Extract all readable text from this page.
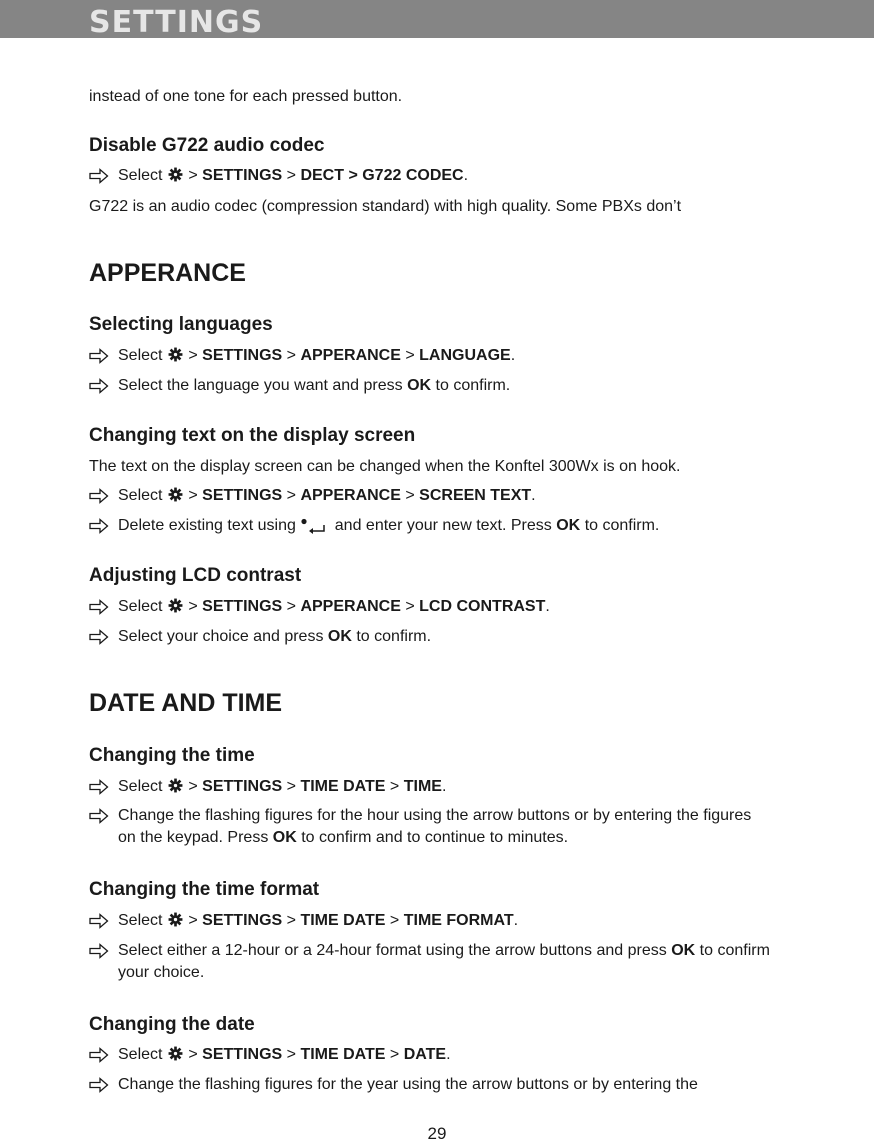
SETTINGS
instead of one tone for each pressed button.
Disable G722 audio codec
Select > SETTINGS > DECT > G722 CODEC.
G722 is an audio codec (compression standard) with high quality. Some PBXs don’t
APPERANCE
Selecting languages
Select > SETTINGS > APPERANCE > LANGUAGE.
Select the language you want and press OK to confirm.
Changing text on the display screen
The text on the display screen can be changed when the Konftel 300Wx is on hook.
Select > SETTINGS > APPERANCE > SCREEN TEXT.
Delete existing text using and enter your new text. Press OK to confirm.
Adjusting LCD contrast
Select > SETTINGS > APPERANCE > LCD CONTRAST.
Select your choice and press OK to confirm.
DATE AND TIME
Changing the time
Select > SETTINGS > TIME DATE > TIME.
Change the flashing figures for the hour using the arrow buttons or by entering the figures on the keypad. Press OK to confirm and to continue to minutes.
Changing the time format
Select > SETTINGS > TIME DATE > TIME FORMAT.
Select either a 12-hour or a 24-hour format using the arrow buttons and press OK to confirm your choice.
Changing the date
Select > SETTINGS > TIME DATE > DATE.
Change the flashing figures for the year using the arrow buttons or by entering the
29
